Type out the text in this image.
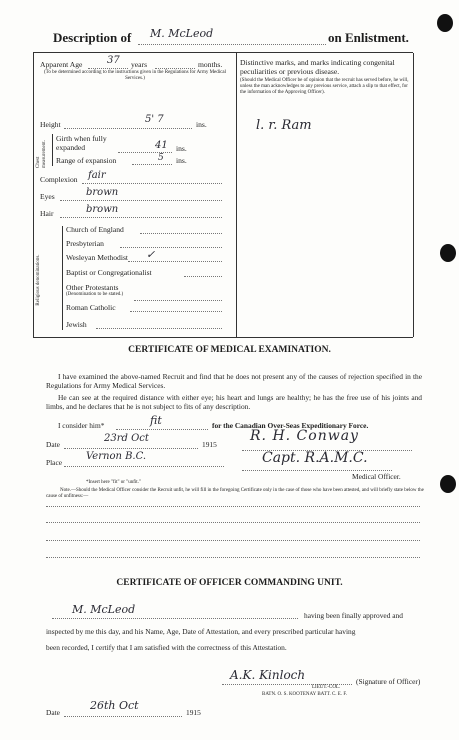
Description of M. McLeod	on Enlistment.
Apparent Age 37 years	months.
(To be determined according to the instructions given in the Regulations for Army Medical Services.)
Height	5' 7	ins.
Chest measurement.
Girth when fully expanded	41 ins.
Range of expansion	5 ins.
Complexion fair
Eyes	brown
Hair	brown
Religious denominations.
Church of England
Presbyterian
Wesleyan Methodist ✓
Baptist or Congregationalist
Other Protestants
(Denomination to be stated.)
Roman Catholic
Jewish
Distinctive marks, and marks indicating congenital peculiarities or previous disease.
(Should the Medical Officer be of opinion that the recruit has served before, he will, unless the man acknowledges to any previous service, attach a slip to that effect, for the information of the Approving Officer).
l. r. Ram
CERTIFICATE OF MEDICAL EXAMINATION.
I have examined the above-named Recruit and find that he does not present any of the causes of rejection specified in the Regulations for Army Medical Services.
He can see at the required distance with either eye; his heart and lungs are healthy; he has the free use of his joints and limbs, and he declares that he is not subject to fits of any description.
I consider him*	fit	for the Canadian Over-Seas Expeditionary Force.
Date
23rd Oct
1915
R. H. Conway
Place
Vernon B.C.	Capt. R.A.M.C.
Medical Officer.
*Insert here "fit" or "unfit."
Note.—Should the Medical Officer consider the Recruit unfit, he will fill in the foregoing Certificate only in the case of those who have been attested, and will briefly state below the cause of unfitness:—
CERTIFICATE OF OFFICER COMMANDING UNIT.
M. McLeod	having been finally approved and
inspected by me this day, and his Name, Age, Date of Attestation, and every prescribed particular having
been recorded, I certify that I am satisfied with the correctness of this Attestation.
A.K. Kinloch
LIEUT.-COL.
BATN. O. S. KOOTENAY BATT. C. E. F.
(Signature of Officer)
Date
26th Oct
1915
